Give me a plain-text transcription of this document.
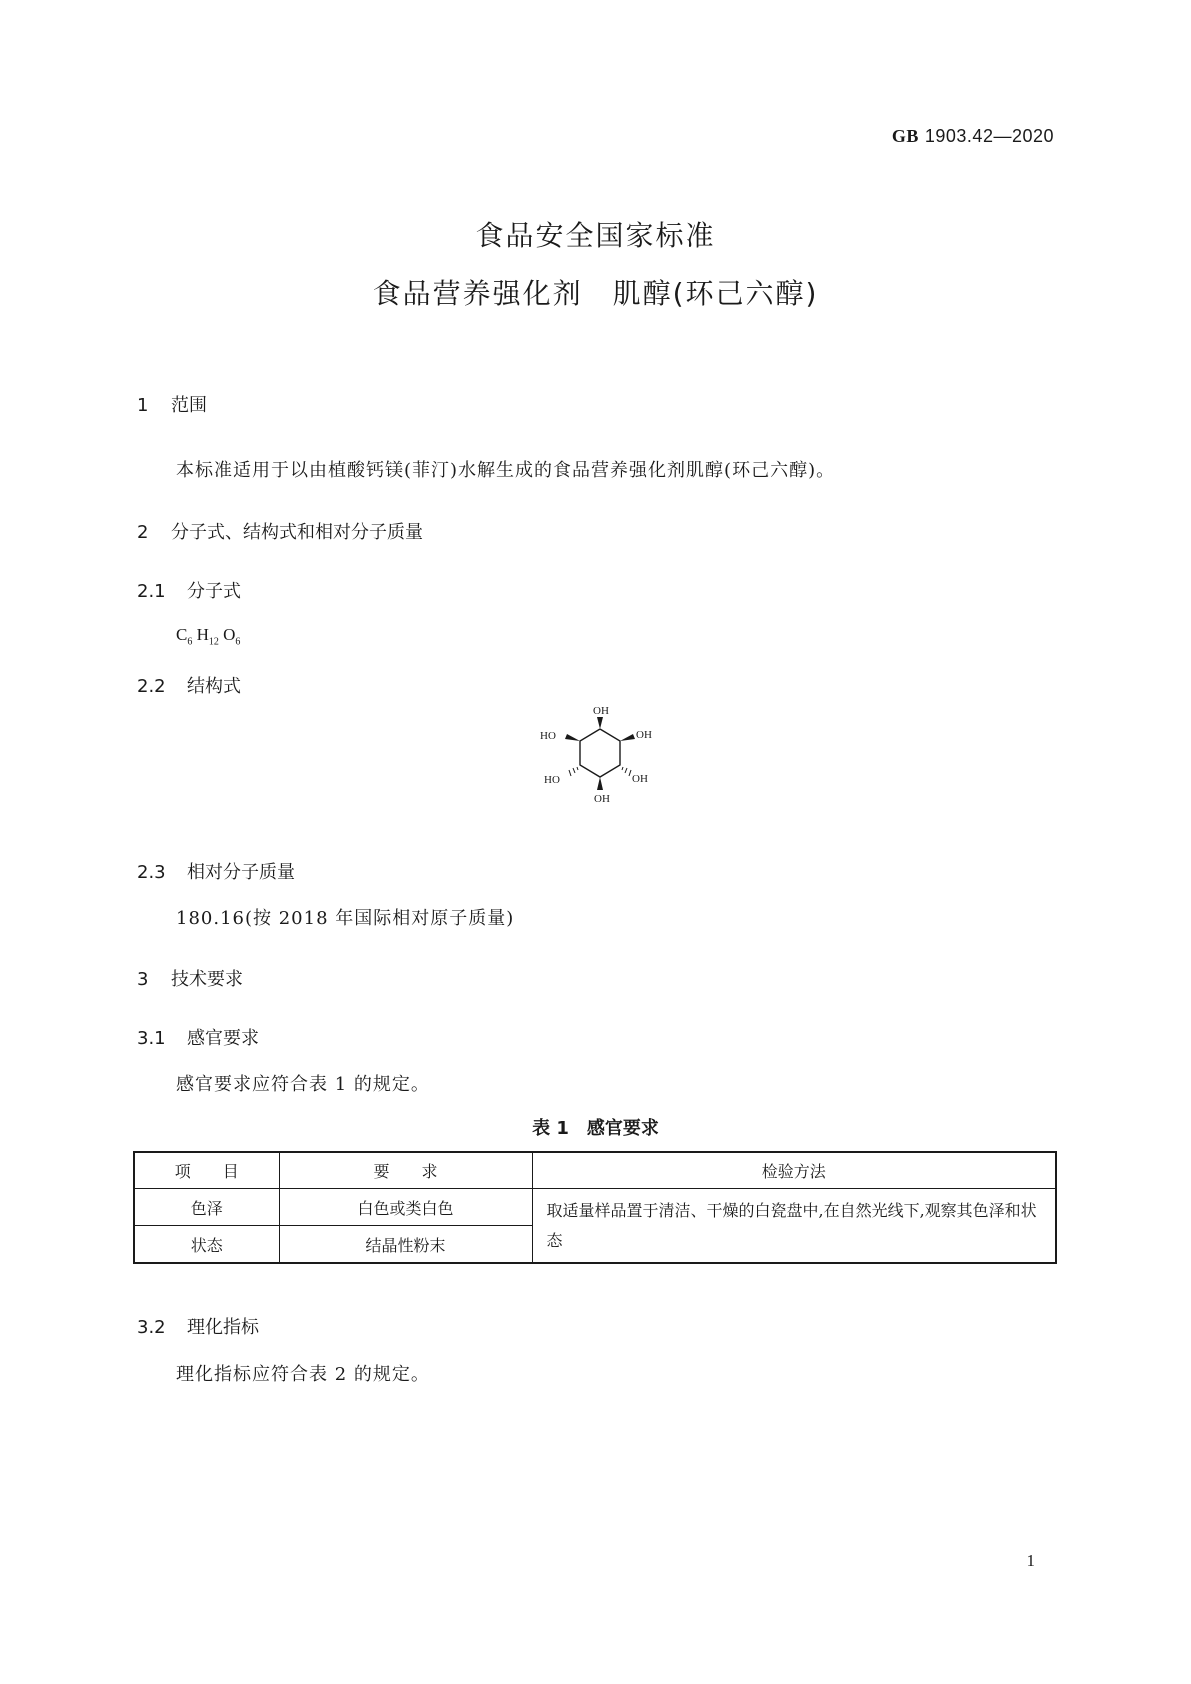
GB 1903.42—2020
食品安全国家标准
食品营养强化剂　肌醇(环己六醇)
1 范围
本标准适用于以由植酸钙镁(菲汀)水解生成的食品营养强化剂肌醇(环己六醇)。
2 分子式、结构式和相对分子质量
2.1 分子式
$C_6$ $H_{12}$ $O_6$
2.2 结构式
OH
OH
HO
HO	OH
OH
2.3 相对分子质量
180.16(按 2018 年国际相对原子质量)
3 技术要求
3.1 感官要求
感官要求应符合表 1 的规定。
表 1　感官要求
项　　目	要　　求	检验方法
色泽	白色或类白色	取适量样品置于清洁、干燥的白瓷盘中,在自然光线下,观察其色泽和状态
状态	结晶性粉末	
3.2 理化指标
理化指标应符合表 2 的规定。
1
